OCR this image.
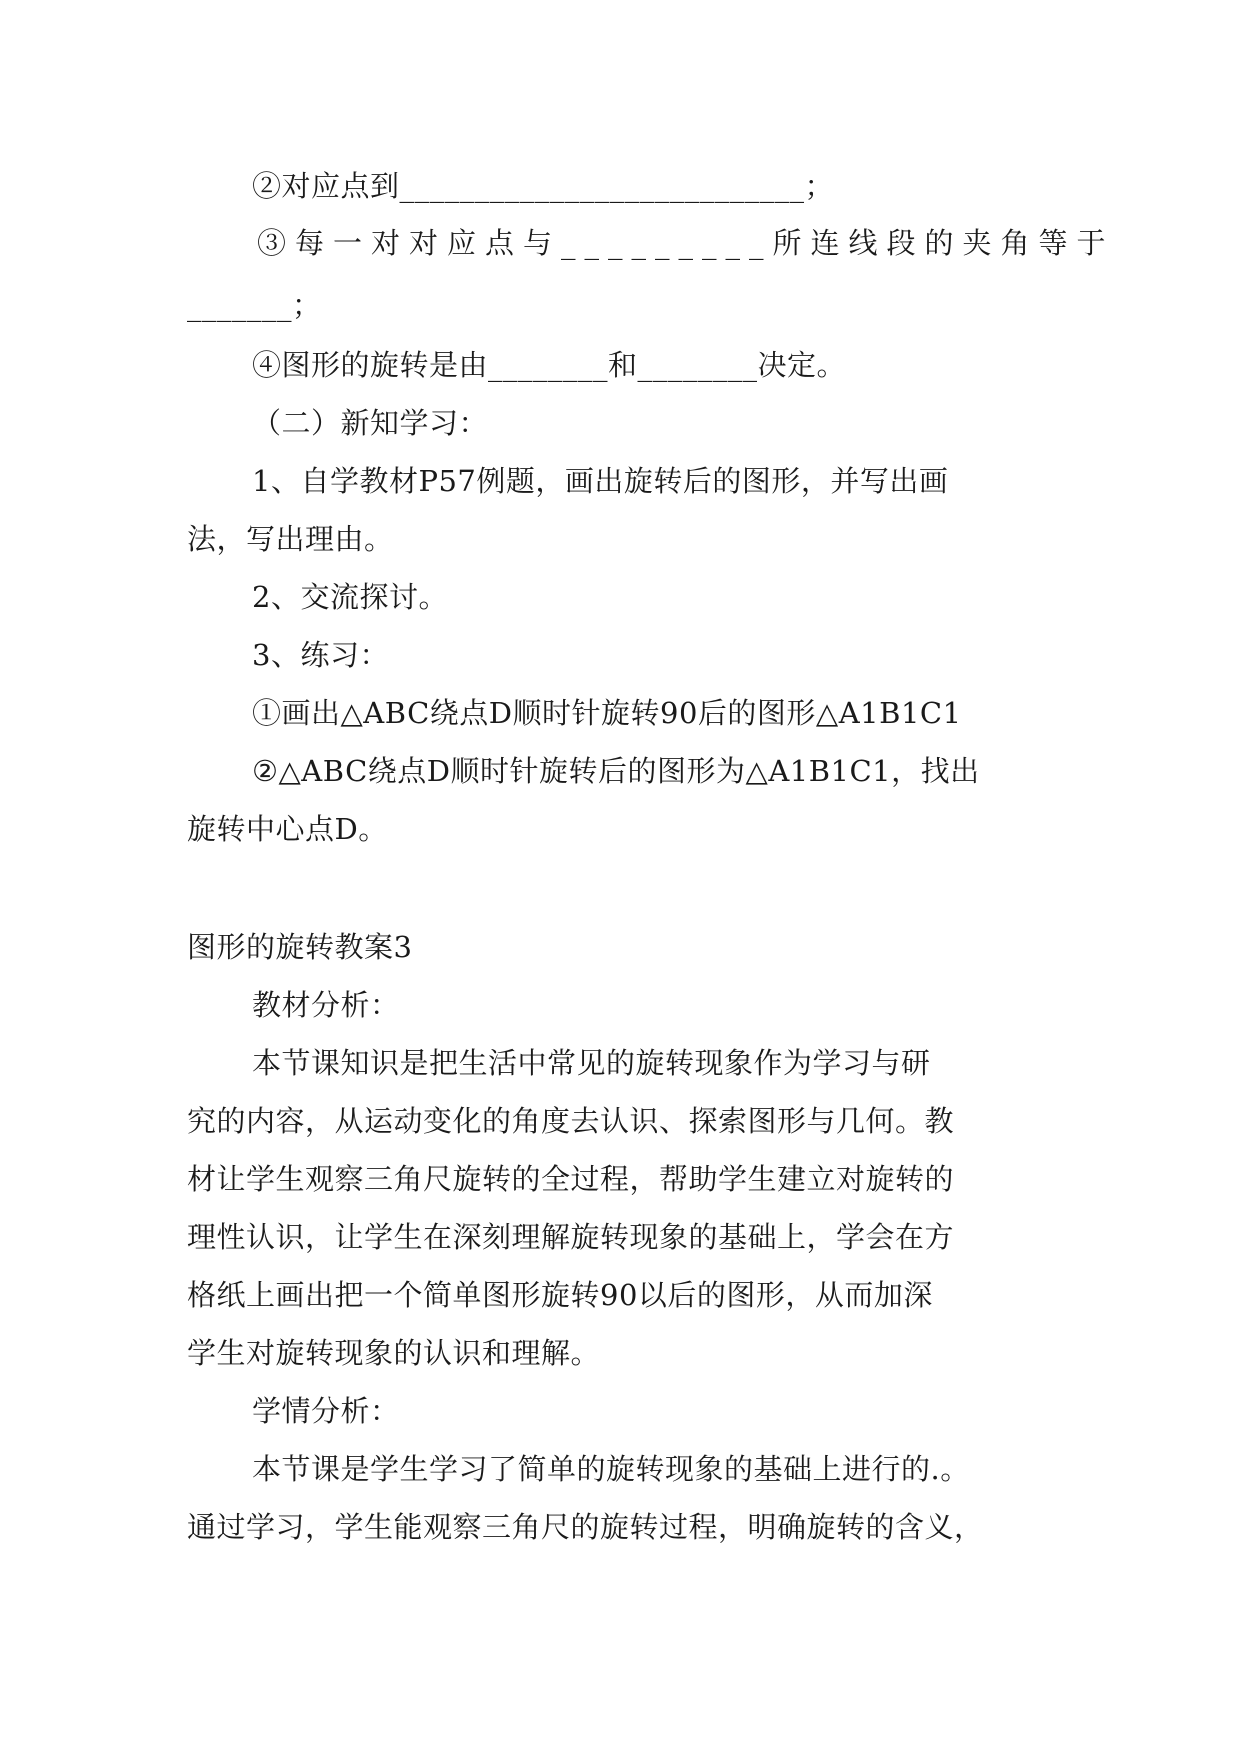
②对应点到___________________________；
③每一对对应点与_________所连线段的夹角等于
_______；
④图形的旋转是由________和________决定。
（二）新知学习：
1、自学教材P57例题，画出旋转后的图形，并写出画
法，写出理由。
2、交流探讨。
3、练习：
①画出△ABC绕点D顺时针旋转90后的图形△A1B1C1
②△ABC绕点D顺时针旋转后的图形为△A1B1C1，找出
旋转中心点D。
图形的旋转教案3
教材分析：
本节课知识是把生活中常见的旋转现象作为学习与研
究的内容，从运动变化的角度去认识、探索图形与几何。教
材让学生观察三角尺旋转的全过程，帮助学生建立对旋转的
理性认识，让学生在深刻理解旋转现象的基础上，学会在方
格纸上画出把一个简单图形旋转90以后的图形，从而加深
学生对旋转现象的认识和理解。
学情分析：
本节课是学生学习了简单的旋转现象的基础上进行的.。
通过学习，学生能观察三角尺的旋转过程，明确旋转的含义，
